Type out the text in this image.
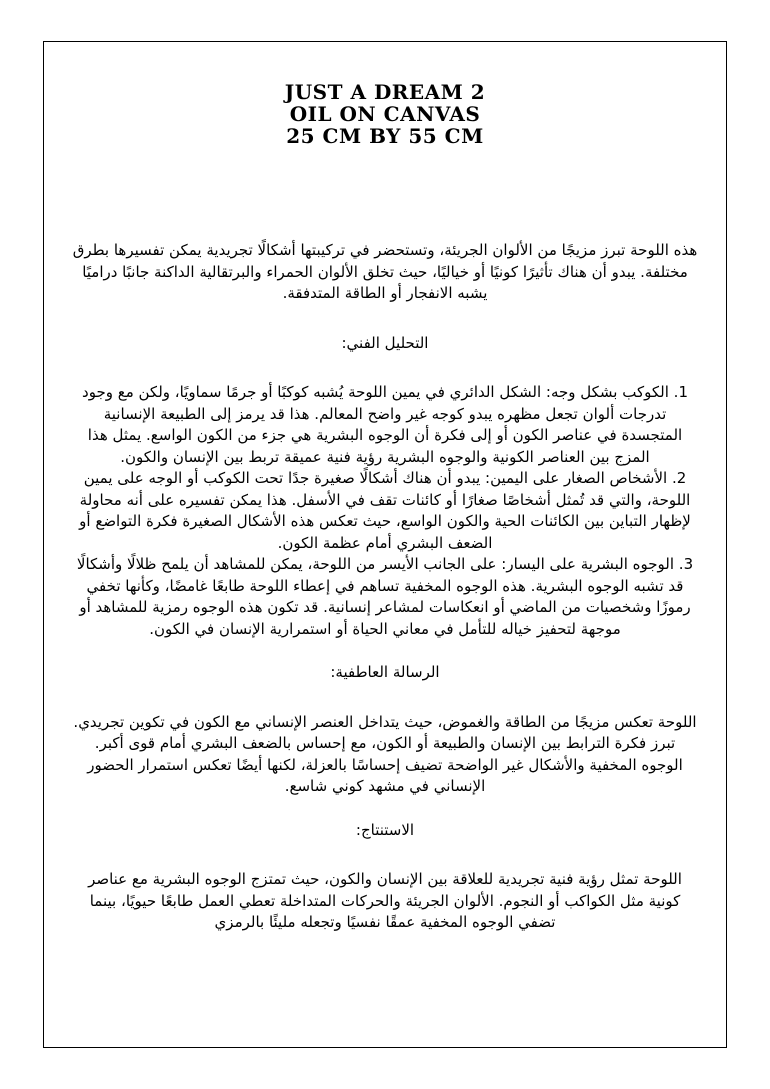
JUST A DREAM 2
OIL ON CANVAS
25 CM BY 55 CM

هذه اللوحة تبرز مزيجًا من الألوان الجريئة، وتستحضر في تركيبتها أشكالًا تجريدية يمكن تفسيرها بطرق مختلفة. يبدو أن هناك تأثيرًا كونيًا أو خياليًا، حيث تخلق الألوان الحمراء والبرتقالية الداكنة جانبًا دراميًا يشبه الانفجار أو الطاقة المتدفقة.

التحليل الفني:

1. الكوكب بشكل وجه: الشكل الدائري في يمين اللوحة يُشبه كوكبًا أو جرمًا سماويًا، ولكن مع وجود تدرجات ألوان تجعل مظهره يبدو كوجه غير واضح المعالم. هذا قد يرمز إلى الطبيعة الإنسانية المتجسدة في عناصر الكون أو إلى فكرة أن الوجوه البشرية هي جزء من الكون الواسع. يمثل هذا المزج بين العناصر الكونية والوجوه البشرية رؤية فنية عميقة تربط بين الإنسان والكون.

2. الأشخاص الصغار على اليمين: يبدو أن هناك أشكالًا صغيرة جدًا تحت الكوكب أو الوجه على يمين اللوحة، والتي قد تُمثل أشخاصًا صغارًا أو كائنات تقف في الأسفل. هذا يمكن تفسيره على أنه محاولة لإظهار التباين بين الكائنات الحية والكون الواسع، حيث تعكس هذه الأشكال الصغيرة فكرة التواضع أو الضعف البشري أمام عظمة الكون.

3. الوجوه البشرية على اليسار: على الجانب الأيسر من اللوحة، يمكن للمشاهد أن يلمح ظلالًا وأشكالًا قد تشبه الوجوه البشرية. هذه الوجوه المخفية تساهم في إعطاء اللوحة طابعًا غامضًا، وكأنها تخفي رموزًا وشخصيات من الماضي أو انعكاسات لمشاعر إنسانية. قد تكون هذه الوجوه رمزية للمشاهد أو موجهة لتحفيز خياله للتأمل في معاني الحياة أو استمرارية الإنسان في الكون.

الرسالة العاطفية:

اللوحة تعكس مزيجًا من الطاقة والغموض، حيث يتداخل العنصر الإنساني مع الكون في تكوين تجريدي. تبرز فكرة الترابط بين الإنسان والطبيعة أو الكون، مع إحساس بالضعف البشري أمام قوى أكبر. الوجوه المخفية والأشكال غير الواضحة تضيف إحساسًا بالعزلة، لكنها أيضًا تعكس استمرار الحضور الإنساني في مشهد كوني شاسع.

الاستنتاج:

اللوحة تمثل رؤية فنية تجريدية للعلاقة بين الإنسان والكون، حيث تمتزج الوجوه البشرية مع عناصر كونية مثل الكواكب أو النجوم. الألوان الجريئة والحركات المتداخلة تعطي العمل طابعًا حيويًا، بينما تضفي الوجوه المخفية عمقًا نفسيًا وتجعله مليئًا بالرمزي
